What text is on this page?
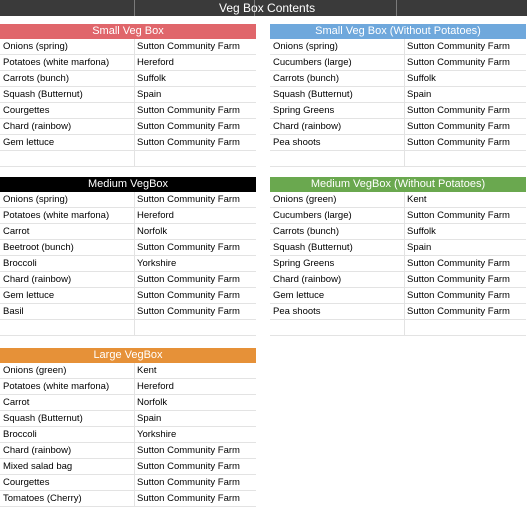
Veg Box Contents
Small Veg Box
Onions (spring)	Sutton Community Farm
Potatoes (white marfona)	Hereford
Carrots (bunch)	Suffolk
Squash (Butternut)	Spain
Courgettes	Sutton Community Farm
Chard (rainbow)	Sutton Community Farm
Gem lettuce	Sutton Community Farm
Small Veg Box (Without Potatoes)
Onions (spring)	Sutton Community Farm
Cucumbers (large)	Sutton Community Farm
Carrots (bunch)	Suffolk
Squash (Butternut)	Spain
Spring Greens	Sutton Community Farm
Chard (rainbow)	Sutton Community Farm
Pea shoots	Sutton Community Farm
Medium VegBox
Onions (spring)	Sutton Community Farm
Potatoes (white marfona)	Hereford
Carrot	Norfolk
Beetroot (bunch)	Sutton Community Farm
Broccoli	Yorkshire
Chard (rainbow)	Sutton Community Farm
Gem lettuce	Sutton Community Farm
Basil	Sutton Community Farm
Medium VegBox (Without Potatoes)
Onions (green)	Kent
Cucumbers (large)	Sutton Community Farm
Carrots (bunch)	Suffolk
Squash (Butternut)	Spain
Spring Greens	Sutton Community Farm
Chard (rainbow)	Sutton Community Farm
Gem lettuce	Sutton Community Farm
Pea shoots	Sutton Community Farm
Large VegBox
Onions (green)	Kent
Potatoes (white marfona)	Hereford
Carrot	Norfolk
Squash (Butternut)	Spain
Broccoli	Yorkshire
Chard (rainbow)	Sutton Community Farm
Mixed salad bag	Sutton Community Farm
Courgettes	Sutton Community Farm
Tomatoes (Cherry)	Sutton Community Farm
